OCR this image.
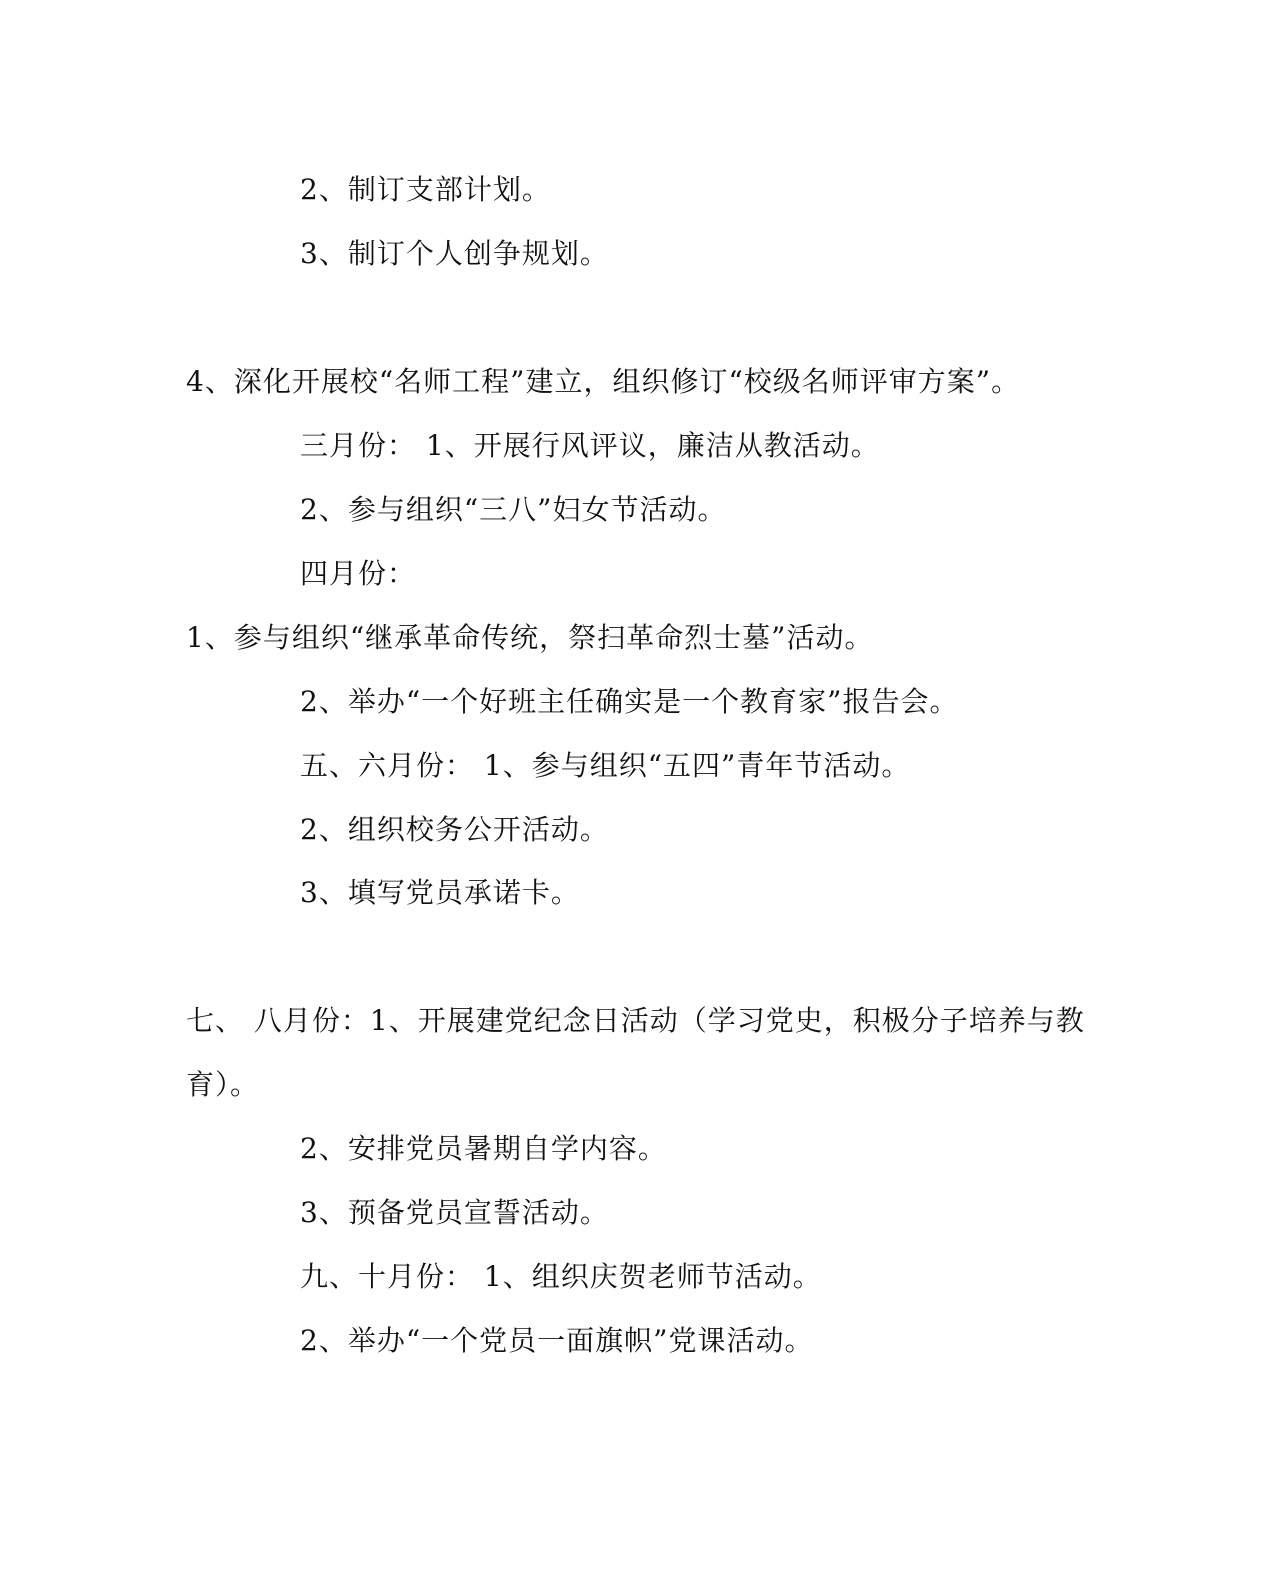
2、制订支部计划。
3、制订个人创争规划。
4、深化开展校“名师工程”建立，组织修订“校级名师评审方案”。
三月份： 1、开展行风评议，廉洁从教活动。
2、参与组织“三八”妇女节活动。
四月份：
1、参与组织“继承革命传统，祭扫革命烈士墓”活动。
2、举办“一个好班主任确实是一个教育家”报告会。
五、六月份： 1、参与组织“五四”青年节活动。
2、组织校务公开活动。
3、填写党员承诺卡。
七、 八月份：1、开展建党纪念日活动（学习党史，积极分子培养与教
育）。
2、安排党员暑期自学内容。
3、预备党员宣誓活动。
九、十月份： 1、组织庆贺老师节活动。
2、举办“一个党员一面旗帜”党课活动。
